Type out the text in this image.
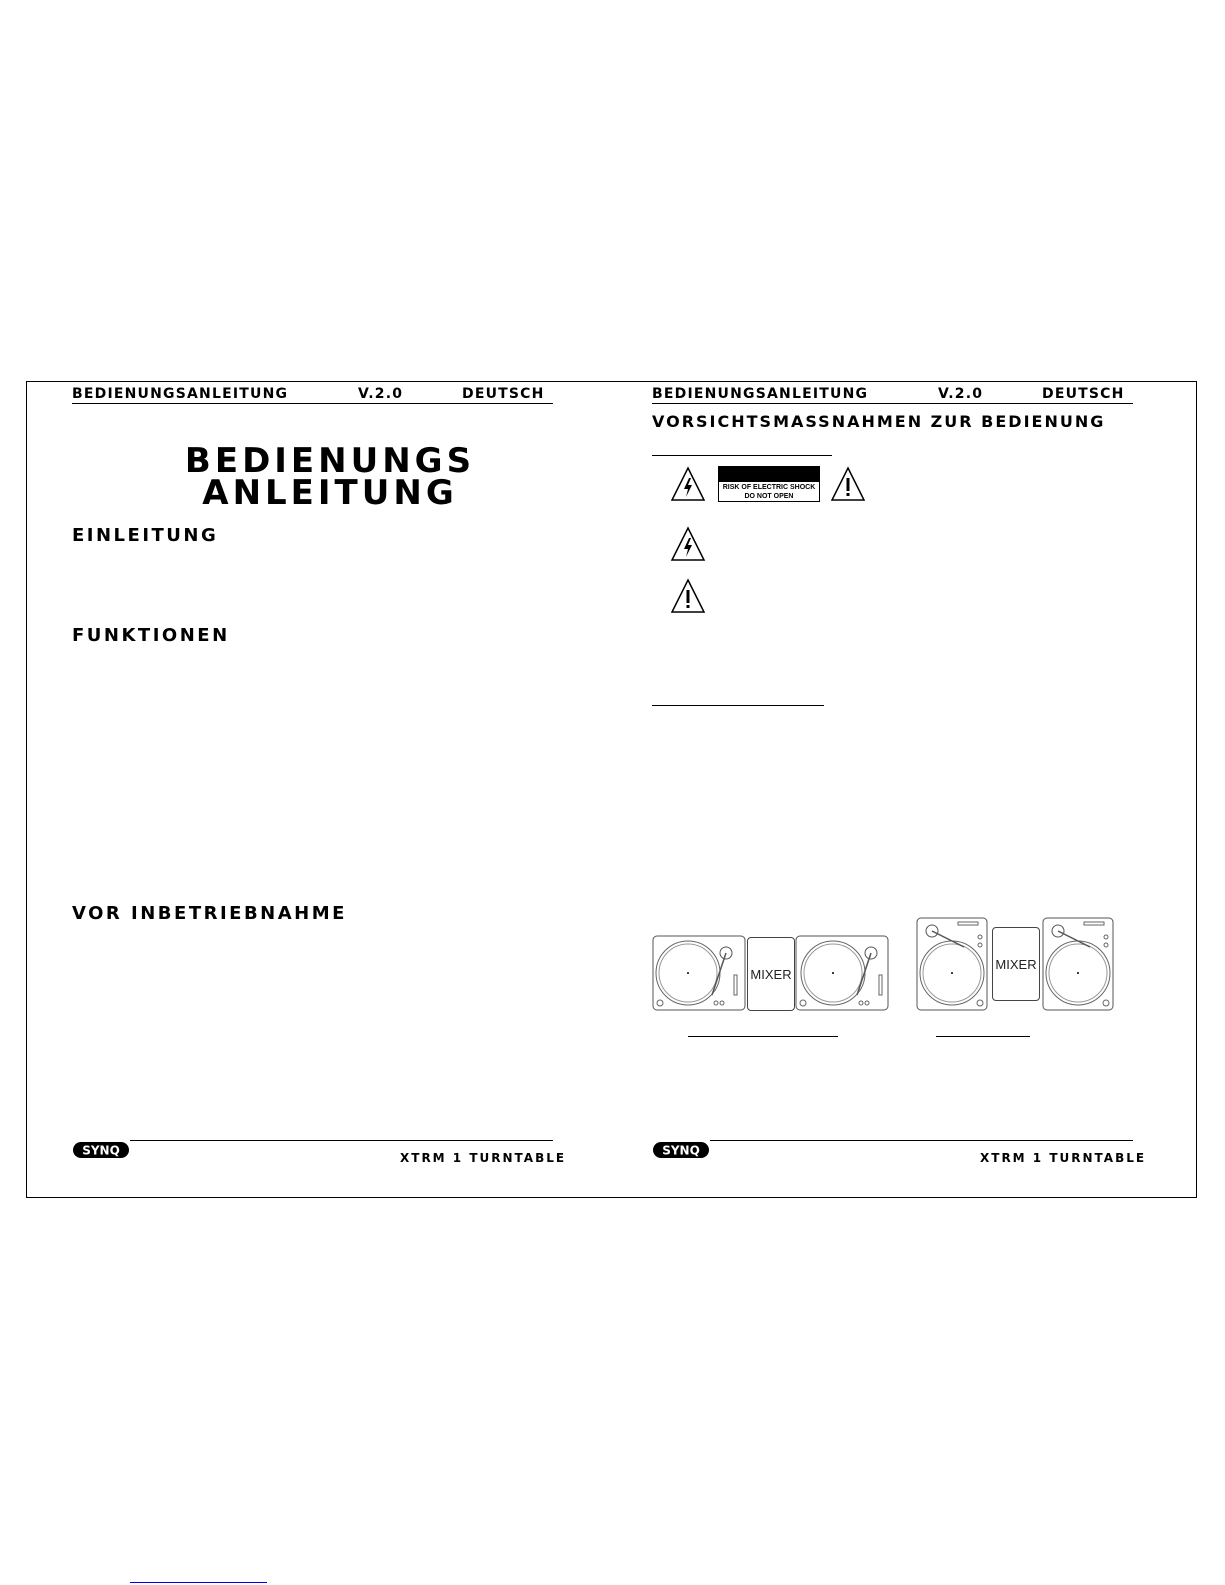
BEDIENUNGSANLEITUNG	V.2.0	DEUTSCH
BEDIENUNGS
ANLEITUNG
EINLEITUNG
FUNKTIONEN
VOR INBETRIEBNAHME
SYNQ
XTRM 1 TURNTABLE
BEDIENUNGSANLEITUNG	V.2.0	DEUTSCH
VORSICHTSMASSNAHMEN ZUR BEDIENUNG
RISK OF ELECTRIC SHOCK
DO NOT OPEN
MIXER
MIXER
SYNQ
XTRM 1 TURNTABLE
